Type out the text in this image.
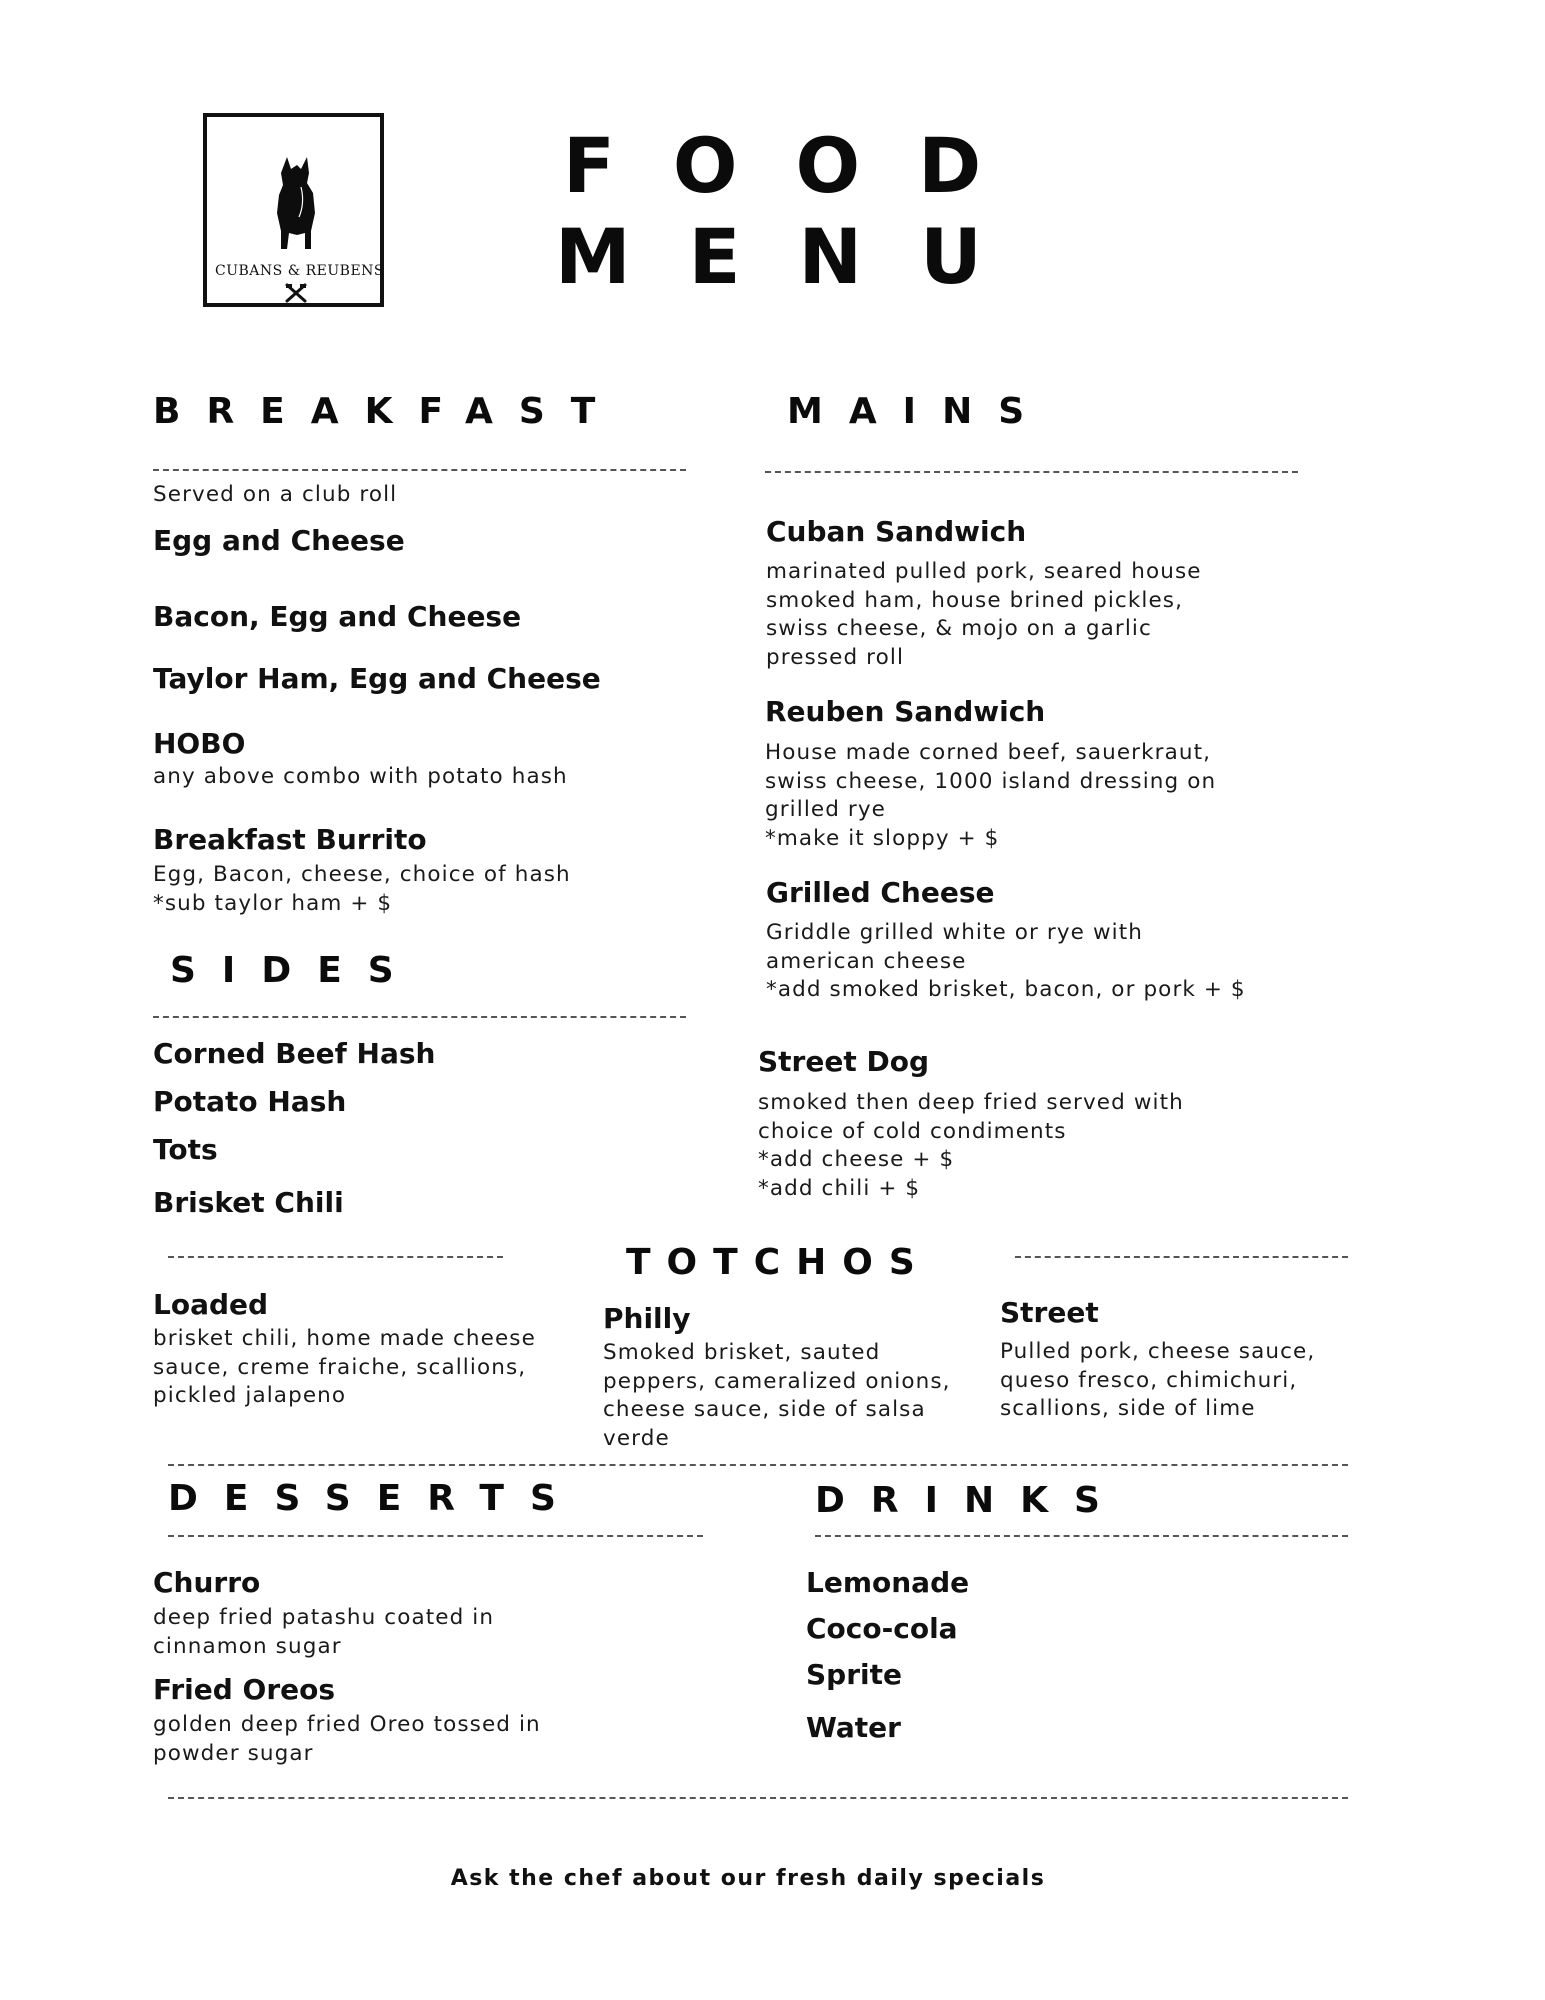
CUBANS & REUBENS
FOOD
MENU
BREAKFAST
Served on a club roll
Egg and Cheese
Bacon, Egg and Cheese
Taylor Ham, Egg and Cheese
HOBO
any above combo with potato hash
Breakfast Burrito
Egg, Bacon, cheese, choice of hash
*sub taylor ham + $
SIDES
Corned Beef Hash
Potato Hash
Tots
Brisket Chili
MAINS
Cuban Sandwich
marinated pulled pork, seared house
smoked ham, house brined pickles,
swiss cheese, & mojo on a garlic
pressed roll
Reuben Sandwich
House made corned beef, sauerkraut,
swiss cheese, 1000 island dressing on
grilled rye
*make it sloppy + $
Grilled Cheese
Griddle grilled white or rye with
american cheese
*add smoked brisket, bacon, or pork + $
Street Dog
smoked then deep fried served with
choice of cold condiments
*add cheese + $
*add chili + $
TOTCHOS
Loaded
brisket chili, home made cheese
sauce, creme fraiche, scallions,
pickled jalapeno
Philly
Smoked brisket, sauted
peppers, cameralized onions,
cheese sauce, side of salsa
verde
Street
Pulled pork, cheese sauce,
queso fresco, chimichuri,
scallions, side of lime
DESSERTS
Churro
deep fried patashu coated in
cinnamon sugar
Fried Oreos
golden deep fried Oreo tossed in
powder sugar
DRINKS
Lemonade
Coco-cola
Sprite
Water
Ask the chef about our fresh daily specials
